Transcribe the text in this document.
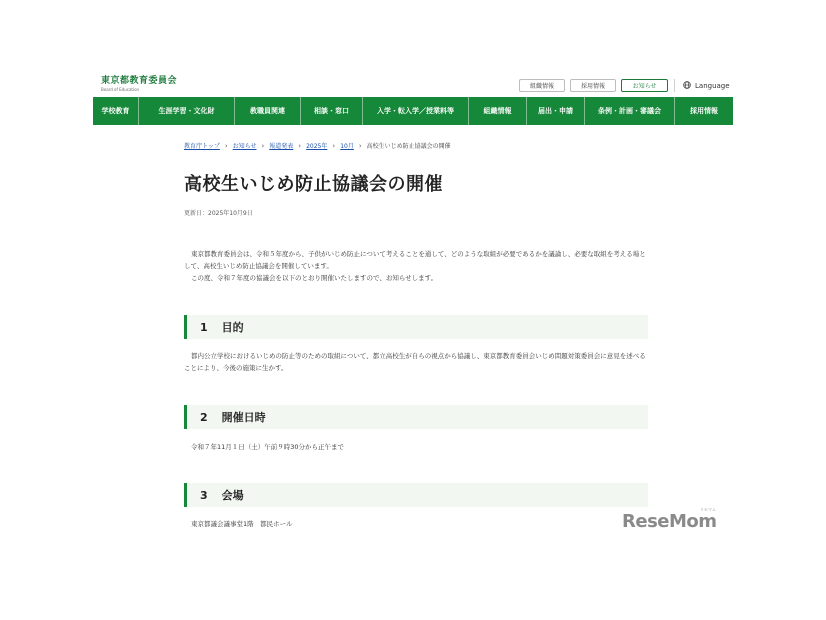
東京都教育委員会
Board of Education	組織情報	採用情報	お知らせ	Language
学校教育	生涯学習・文化財	教職員関連	相談・窓口	入学・転入学／授業料等	組織情報	届出・申請	条例・計画・審議会	採用情報
教育庁トップ › お知らせ › 報道発表 › 2025年 › 10月 › 高校生いじめ防止協議会の開催
高校生いじめ防止協議会の開催
更新日：2025年10月9日

東京都教育委員会は、令和５年度から、子供がいじめ防止について考えることを通して、どのような取組が必要であるかを議論し、必要な取組を考える場として、高校生いじめ防止協議会を開催しています。

この度、令和７年度の協議会を以下のとおり開催いたしますので、お知らせします。

1 目的

都内公立学校におけるいじめの防止等のための取組について、都立高校生が自らの視点から協議し、東京都教育委員会いじめ問題対策委員会に意見を述べることにより、今後の施策に生かす。

2 開催日時

令和７年11月１日（土）午前９時30分から正午まで

3 会場

東京都議会議事堂1階　都民ホール

リセマム
ReseMom
